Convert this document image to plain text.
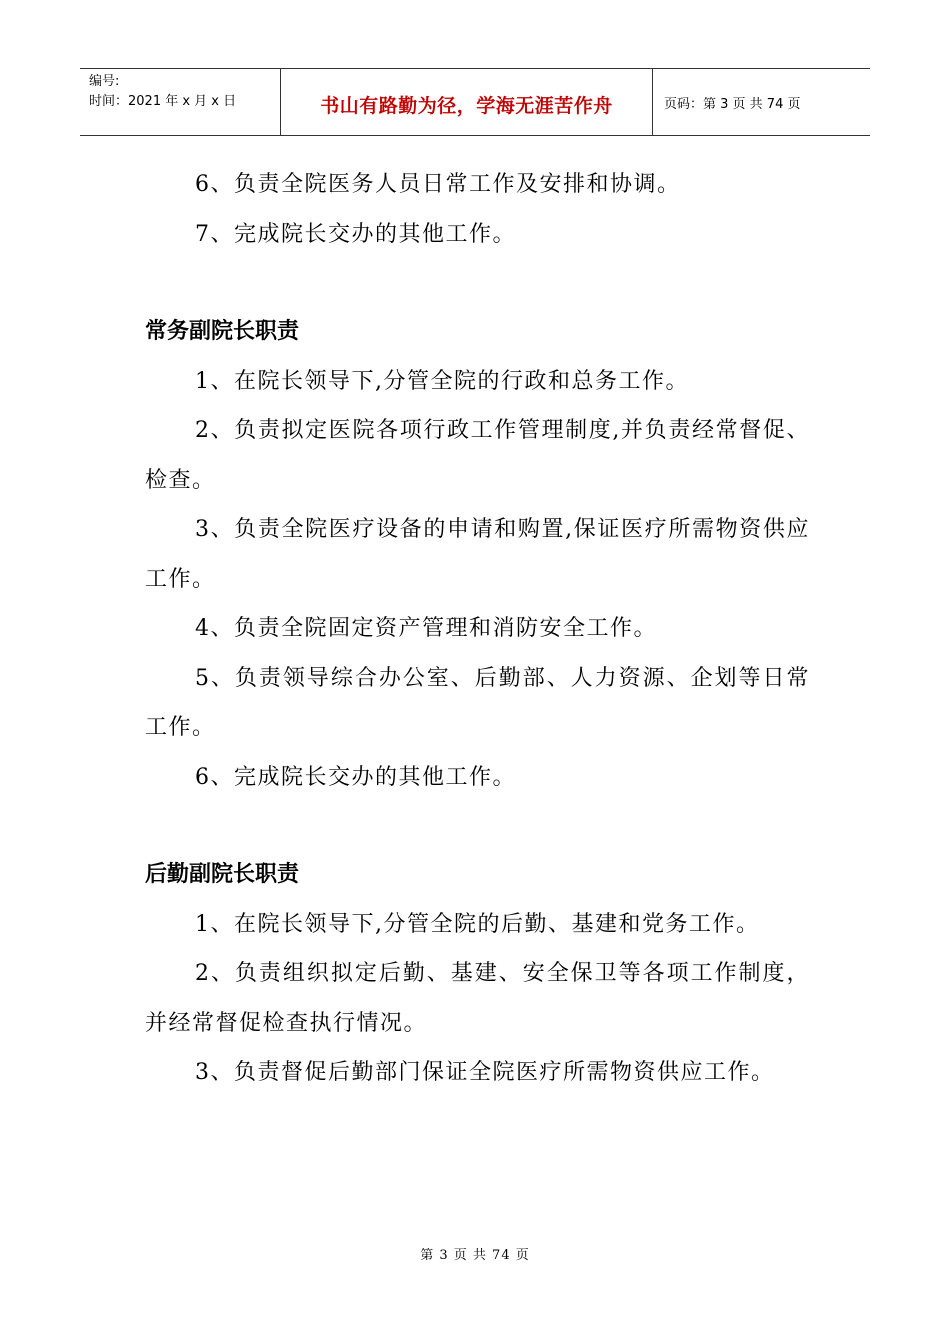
编号:
时间：2021 年 x 月 x 日	书山有路勤为径，学海无涯苦作舟	页码：第 3 页 共 74 页

6、负责全院医务人员日常工作及安排和协调。

7、完成院长交办的其他工作。

常务副院长职责

1、在院长领导下,分管全院的行政和总务工作。

2、负责拟定医院各项行政工作管理制度,并负责经常督促、检查。

3、负责全院医疗设备的申请和购置,保证医疗所需物资供应工作。

4、负责全院固定资产管理和消防安全工作。

5、负责领导综合办公室、后勤部、人力资源、企划等日常工作。

6、完成院长交办的其他工作。

后勤副院长职责

1、在院长领导下,分管全院的后勤、基建和党务工作。

2、负责组织拟定后勤、基建、安全保卫等各项工作制度，并经常督促检查执行情况。

3、负责督促后勤部门保证全院医疗所需物资供应工作。

第 3 页 共 74 页
